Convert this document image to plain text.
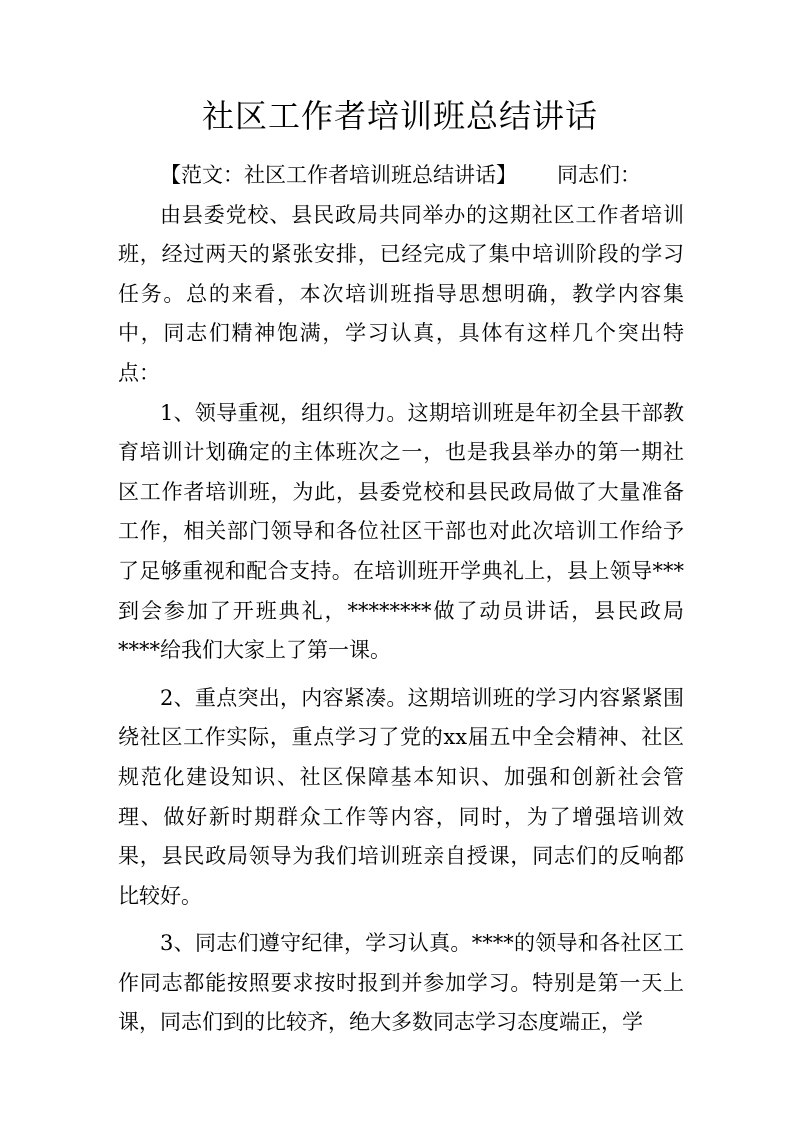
社区工作者培训班总结讲话

【范文：社区工作者培训班总结讲话】 同志们：

由县委党校、县民政局共同举办的这期社区工作者培训班，经过两天的紧张安排，已经完成了集中培训阶段的学习任务。总的来看，本次培训班指导思想明确，教学内容集中，同志们精神饱满，学习认真，具体有这样几个突出特点：

1、领导重视，组织得力。这期培训班是年初全县干部教育培训计划确定的主体班次之一，也是我县举办的第一期社区工作者培训班，为此，县委党校和县民政局做了大量准备工作，相关部门领导和各位社区干部也对此次培训工作给予了足够重视和配合支持。在培训班开学典礼上，县上领导***到会参加了开班典礼，********做了动员讲话，县民政局****给我们大家上了第一课。

2、重点突出，内容紧凑。这期培训班的学习内容紧紧围绕社区工作实际，重点学习了党的xx届五中全会精神、社区规范化建设知识、社区保障基本知识、加强和创新社会管理、做好新时期群众工作等内容，同时，为了增强培训效果，县民政局领导为我们培训班亲自授课，同志们的反响都比较好。

3、同志们遵守纪律，学习认真。****的领导和各社区工作同志都能按照要求按时报到并参加学习。特别是第一天上课，同志们到的比较齐，绝大多数同志学习态度端正，学
